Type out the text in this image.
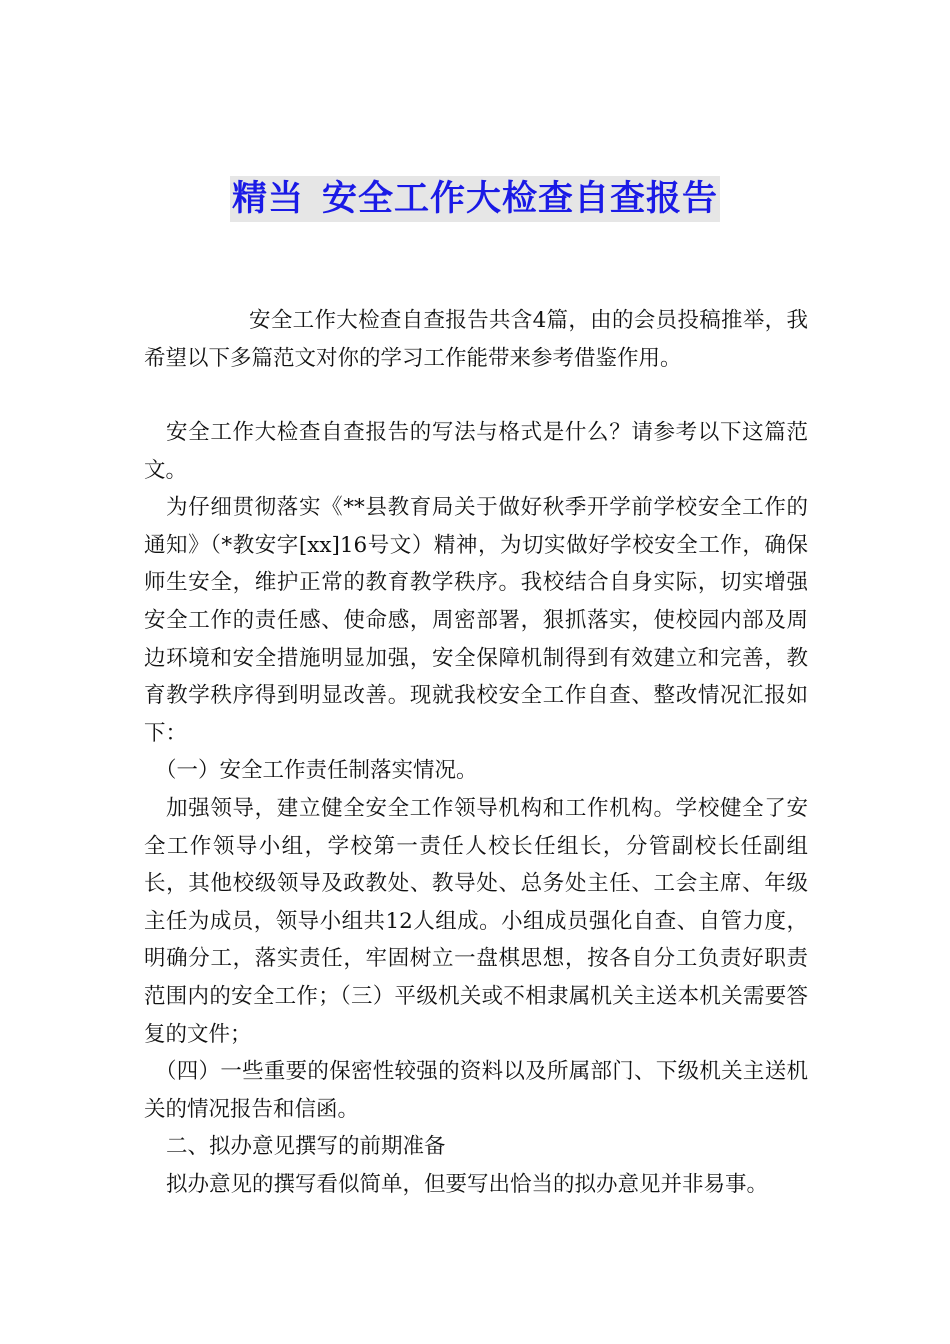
精当 安全工作大检查自查报告

安全工作大检查自查报告共含4篇，由的会员投稿推举，我希望以下多篇范文对你的学习工作能带来参考借鉴作用。

安全工作大检查自查报告的写法与格式是什么？请参考以下这篇范文。

为仔细贯彻落实《**县教育局关于做好秋季开学前学校安全工作的通知》（*教安字[xx]16号文）精神，为切实做好学校安全工作，确保师生安全，维护正常的教育教学秩序。我校结合自身实际，切实增强安全工作的责任感、使命感，周密部署，狠抓落实，使校园内部及周边环境和安全措施明显加强，安全保障机制得到有效建立和完善，教育教学秩序得到明显改善。现就我校安全工作自查、整改情况汇报如下：

（一）安全工作责任制落实情况。

加强领导，建立健全安全工作领导机构和工作机构。学校健全了安全工作领导小组，学校第一责任人校长任组长，分管副校长任副组长，其他校级领导及政教处、教导处、总务处主任、工会主席、年级主任为成员，领导小组共12人组成。小组成员强化自查、自管力度，明确分工，落实责任，牢固树立一盘棋思想，按各自分工负责好职责范围内的安全工作；（三）平级机关或不相隶属机关主送本机关需要答复的文件；

（四）一些重要的保密性较强的资料以及所属部门、下级机关主送机关的情况报告和信函。

二、拟办意见撰写的前期准备

拟办意见的撰写看似简单，但要写出恰当的拟办意见并非易事。
